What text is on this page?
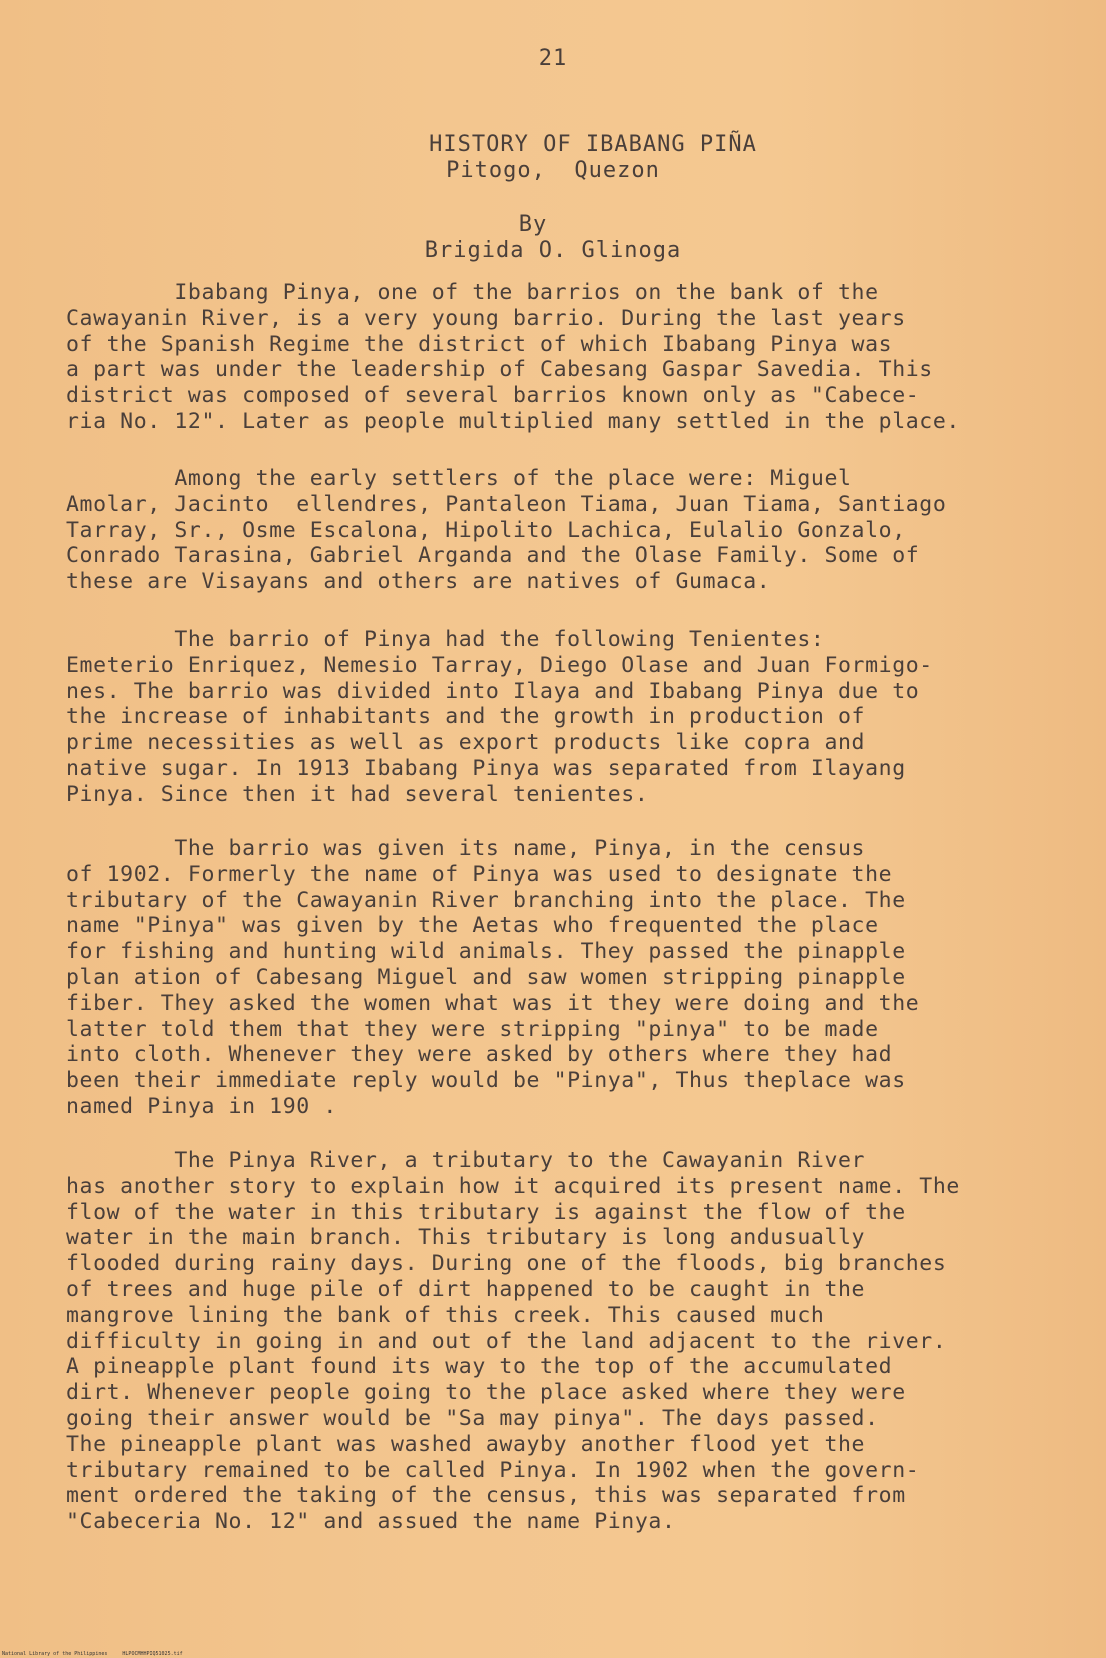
21
HISTORY OF IBABANG PIÑA
Pitogo,  Quezon
By
Brigida O. Glinoga
Ibabang Pinya, one of the barrios on the bank of the
Cawayanin River, is a very young barrio. During the last years
of the Spanish Regime the district of which Ibabang Pinya was
a part was under the leadership of Cabesang Gaspar Savedia. This
district was composed of several barrios known only as "Cabece-
ria No. 12". Later as people multiplied many settled in the place.
Among the early settlers of the place were: Miguel
Amolar, Jacinto  ellendres, Pantaleon Tiama, Juan Tiama, Santiago
Tarray, Sr., Osme Escalona, Hipolito Lachica, Eulalio Gonzalo,
Conrado Tarasina, Gabriel Arganda and the Olase Family. Some of
these are Visayans and others are natives of Gumaca.
The barrio of Pinya had the following Tenientes:
Emeterio Enriquez, Nemesio Tarray, Diego Olase and Juan Formigo-
nes. The barrio was divided into Ilaya and Ibabang Pinya due to
the increase of inhabitants and the growth in production of
prime necessities as well as export products like copra and
native sugar. In 1913 Ibabang Pinya was separated from Ilayang
Pinya. Since then it had several tenientes.
The barrio was given its name, Pinya, in the census
of 1902. Formerly the name of Pinya was used to designate the
tributary of the Cawayanin River branching into the place. The
name "Pinya" was given by the Aetas who frequented the place
for fishing and hunting wild animals. They passed the pinapple
plan ation of Cabesang Miguel and saw women stripping pinapple
fiber. They asked the women what was it they were doing and the
latter told them that they were stripping "pinya" to be made
into cloth. Whenever they were asked by others where they had
been their immediate reply would be "Pinya", Thus theplace was
named Pinya in 190 .
The Pinya River, a tributary to the Cawayanin River
has another story to explain how it acquired its present name. The
flow of the water in this tributary is against the flow of the
water in the main branch. This tributary is long andusually
flooded during rainy days. During one of the floods, big branches
of trees and huge pile of dirt happened to be caught in the
mangrove lining the bank of this creek. This caused much
difficulty in going in and out of the land adjacent to the river.
A pineapple plant found its way to the top of the accumulated
dirt. Whenever people going to the place asked where they were
going their answer would be "Sa may pinya". The days passed.
The pineapple plant was washed awayby another flood yet the
tributary remained to be called Pinya. In 1902 when the govern-
ment ordered the taking of the census, this was separated from
"Cabeceria No. 12" and assued the name Pinya.
National Library of the Philippines     HLPOCMHHPIQ51025.tif
